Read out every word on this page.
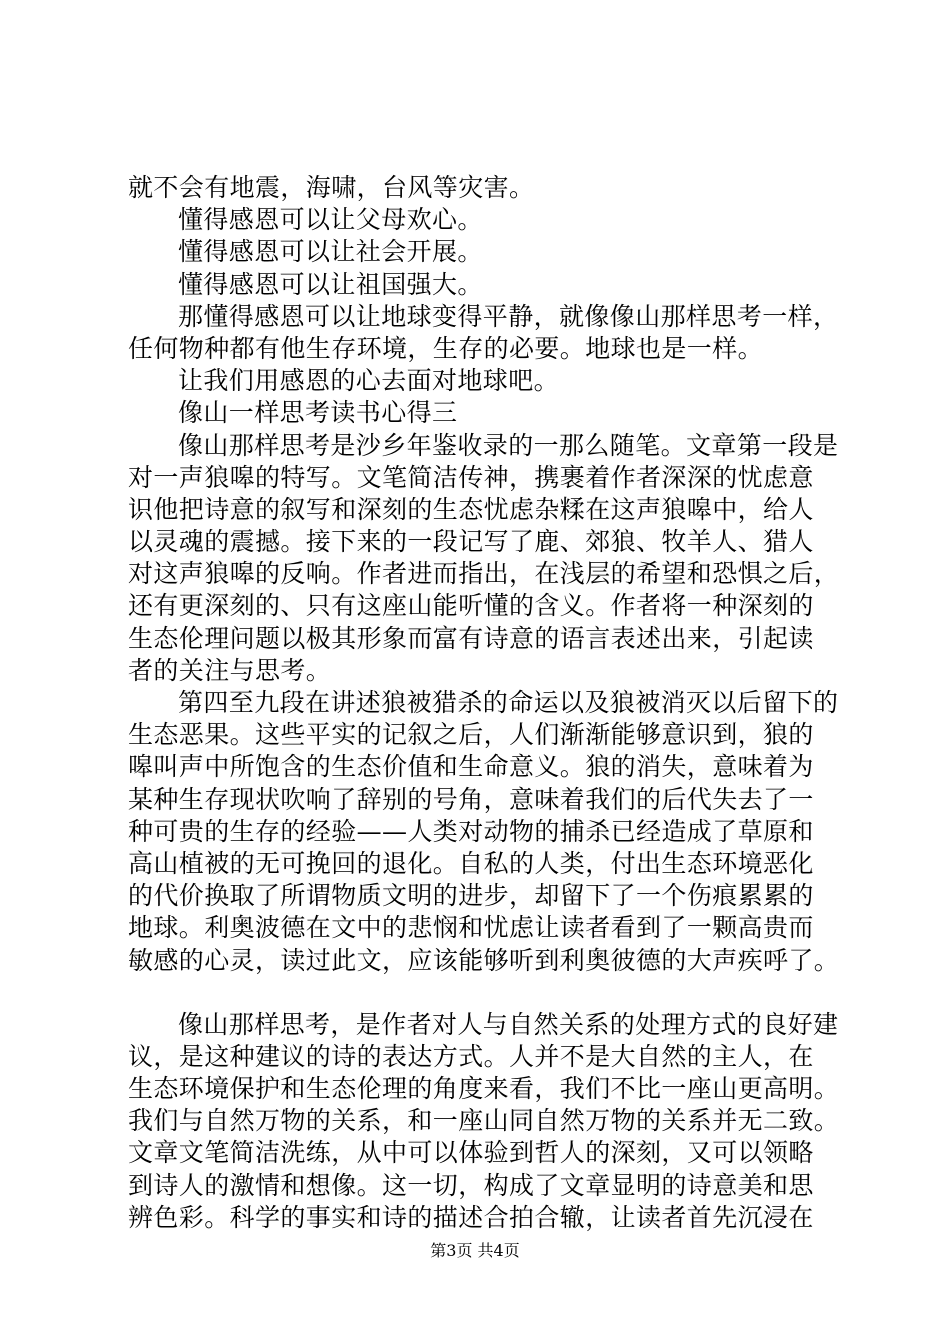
就不会有地震，海啸，台风等灾害。
懂得感恩可以让父母欢心。
懂得感恩可以让社会开展。
懂得感恩可以让祖国强大。
那懂得感恩可以让地球变得平静，就像像山那样思考一样，
任何物种都有他生存环境，生存的必要。地球也是一样。
让我们用感恩的心去面对地球吧。
像山一样思考读书心得三
像山那样思考是沙乡年鉴收录的一那么随笔。文章第一段是
对一声狼嗥的特写。文笔简洁传神，携裹着作者深深的忧虑意
识他把诗意的叙写和深刻的生态忧虑杂糅在这声狼嗥中，给人
以灵魂的震撼。接下来的一段记写了鹿、郊狼、牧羊人、猎人
对这声狼嗥的反响。作者进而指出，在浅层的希望和恐惧之后，
还有更深刻的、只有这座山能听懂的含义。作者将一种深刻的
生态伦理问题以极其形象而富有诗意的语言表述出来，引起读
者的关注与思考。
第四至九段在讲述狼被猎杀的命运以及狼被消灭以后留下的
生态恶果。这些平实的记叙之后，人们渐渐能够意识到，狼的
嗥叫声中所饱含的生态价值和生命意义。狼的消失，意味着为
某种生存现状吹响了辞别的号角，意味着我们的后代失去了一
种可贵的生存的经验——人类对动物的捕杀已经造成了草原和
高山植被的无可挽回的退化。自私的人类，付出生态环境恶化
的代价换取了所谓物质文明的进步，却留下了一个伤痕累累的
地球。利奥波德在文中的悲悯和忧虑让读者看到了一颗高贵而
敏感的心灵，读过此文，应该能够听到利奥彼德的大声疾呼了。
像山那样思考，是作者对人与自然关系的处理方式的良好建
议，是这种建议的诗的表达方式。人并不是大自然的主人，在
生态环境保护和生态伦理的角度来看，我们不比一座山更高明。
我们与自然万物的关系，和一座山同自然万物的关系并无二致。
文章文笔简洁洗练，从中可以体验到哲人的深刻，又可以领略
到诗人的激情和想像。这一切，构成了文章显明的诗意美和思
辨色彩。科学的事实和诗的描述合拍合辙，让读者首先沉浸在
第3页 共4页
